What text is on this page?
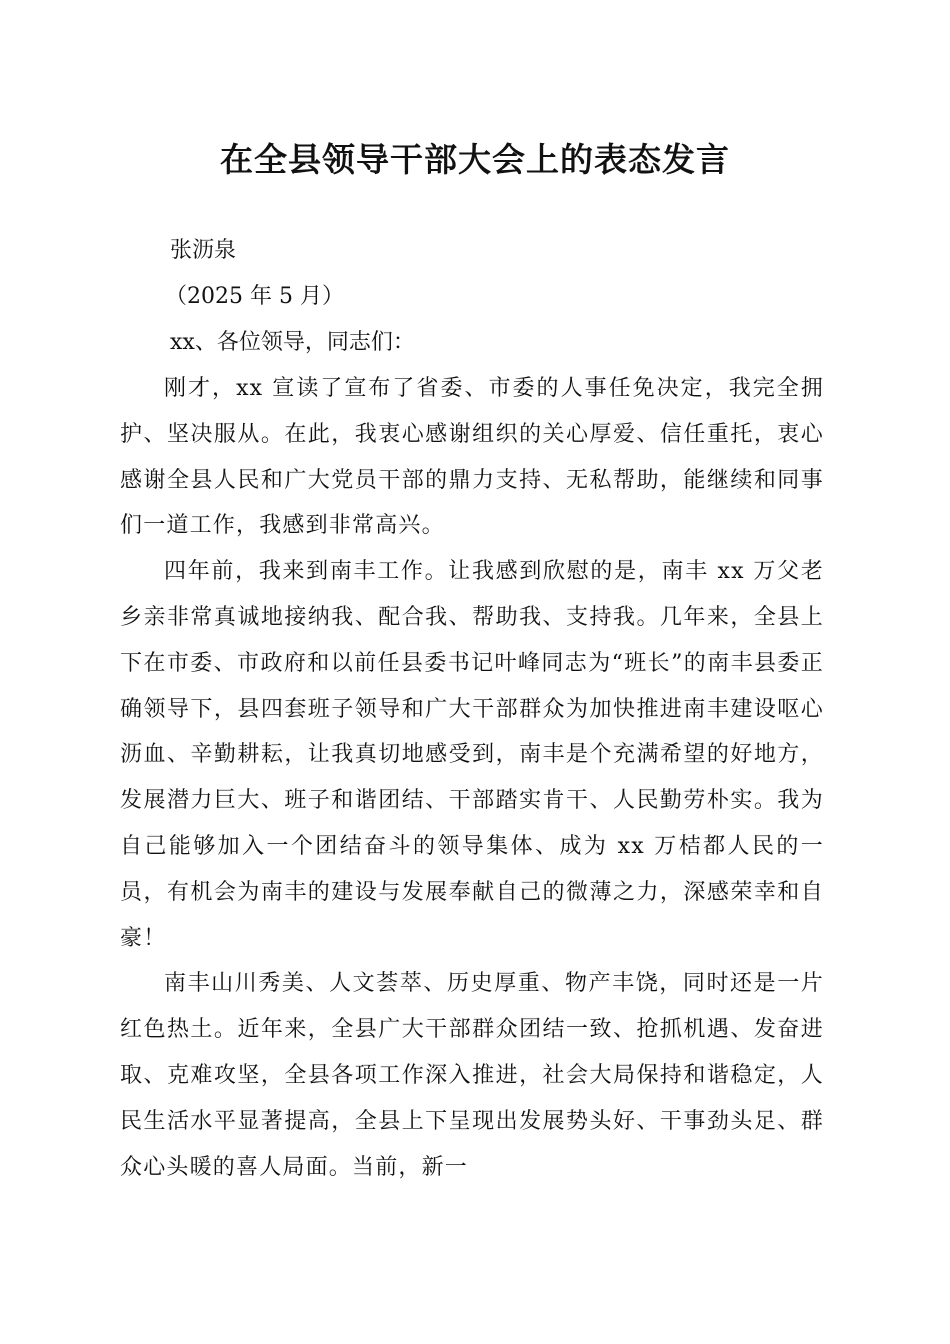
在全县领导干部大会上的表态发言
张沥泉
（2025 年 5 月）
xx、各位领导，同志们：

刚才，xx 宣读了宣布了省委、市委的人事任免决定，我完全拥护、坚决服从。在此，我衷心感谢组织的关心厚爱、信任重托，衷心感谢全县人民和广大党员干部的鼎力支持、无私帮助，能继续和同事们一道工作，我感到非常高兴。

四年前，我来到南丰工作。让我感到欣慰的是，南丰 xx 万父老乡亲非常真诚地接纳我、配合我、帮助我、支持我。几年来，全县上下在市委、市政府和以前任县委书记叶峰同志为“班长”的南丰县委正确领导下，县四套班子领导和广大干部群众为加快推进南丰建设呕心沥血、辛勤耕耘，让我真切地感受到，南丰是个充满希望的好地方，发展潜力巨大、班子和谐团结、干部踏实肯干、人民勤劳朴实。我为自己能够加入一个团结奋斗的领导集体、成为 xx 万桔都人民的一员，有机会为南丰的建设与发展奉献自己的微薄之力，深感荣幸和自豪！

南丰山川秀美、人文荟萃、历史厚重、物产丰饶，同时还是一片红色热土。近年来，全县广大干部群众团结一致、抢抓机遇、发奋进取、克难攻坚，全县各项工作深入推进，社会大局保持和谐稳定，人民生活水平显著提高，全县上下呈现出发展势头好、干事劲头足、群众心头暖的喜人局面。当前，新一
